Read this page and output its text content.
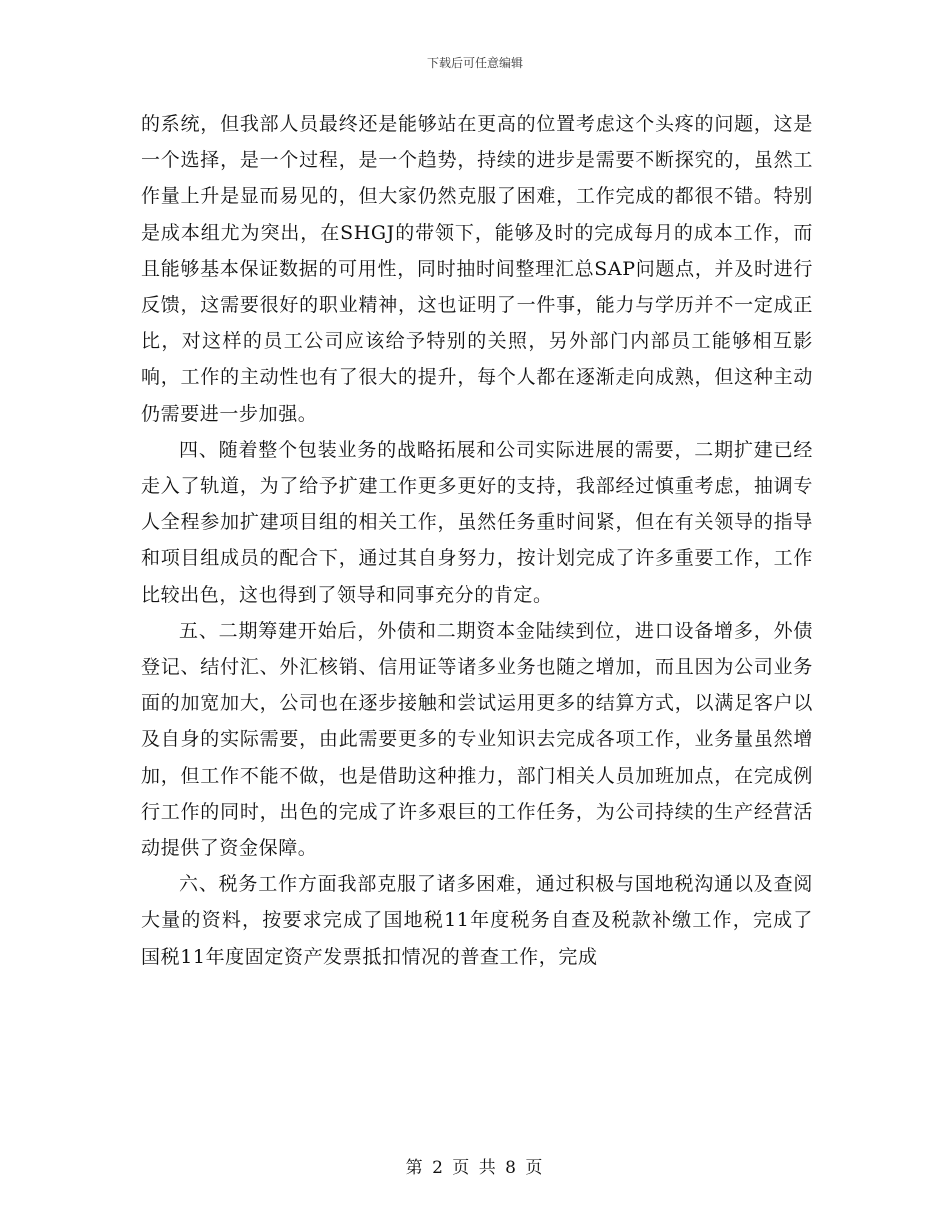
下载后可任意编辑

的系统，但我部人员最终还是能够站在更高的位置考虑这个头疼的问题，这是一个选择，是一个过程，是一个趋势，持续的进步是需要不断探究的，虽然工作量上升是显而易见的，但大家仍然克服了困难，工作完成的都很不错。特别是成本组尤为突出，在SHGJ的带领下，能够及时的完成每月的成本工作，而且能够基本保证数据的可用性，同时抽时间整理汇总SAP问题点，并及时进行反馈，这需要很好的职业精神，这也证明了一件事，能力与学历并不一定成正比，对这样的员工公司应该给予特别的关照，另外部门内部员工能够相互影响，工作的主动性也有了很大的提升，每个人都在逐渐走向成熟，但这种主动仍需要进一步加强。

四、随着整个包装业务的战略拓展和公司实际进展的需要，二期扩建已经走入了轨道，为了给予扩建工作更多更好的支持，我部经过慎重考虑，抽调专人全程参加扩建项目组的相关工作，虽然任务重时间紧，但在有关领导的指导和项目组成员的配合下，通过其自身努力，按计划完成了许多重要工作，工作比较出色，这也得到了领导和同事充分的肯定。

五、二期筹建开始后，外债和二期资本金陆续到位，进口设备增多，外债登记、结付汇、外汇核销、信用证等诸多业务也随之增加，而且因为公司业务面的加宽加大，公司也在逐步接触和尝试运用更多的结算方式，以满足客户以及自身的实际需要，由此需要更多的专业知识去完成各项工作，业务量虽然增加，但工作不能不做，也是借助这种推力，部门相关人员加班加点，在完成例行工作的同时，出色的完成了许多艰巨的工作任务，为公司持续的生产经营活动提供了资金保障。

六、税务工作方面我部克服了诸多困难，通过积极与国地税沟通以及查阅大量的资料，按要求完成了国地税11年度税务自查及税款补缴工作，完成了国税11年度固定资产发票抵扣情况的普查工作，完成

第 2 页 共 8 页
